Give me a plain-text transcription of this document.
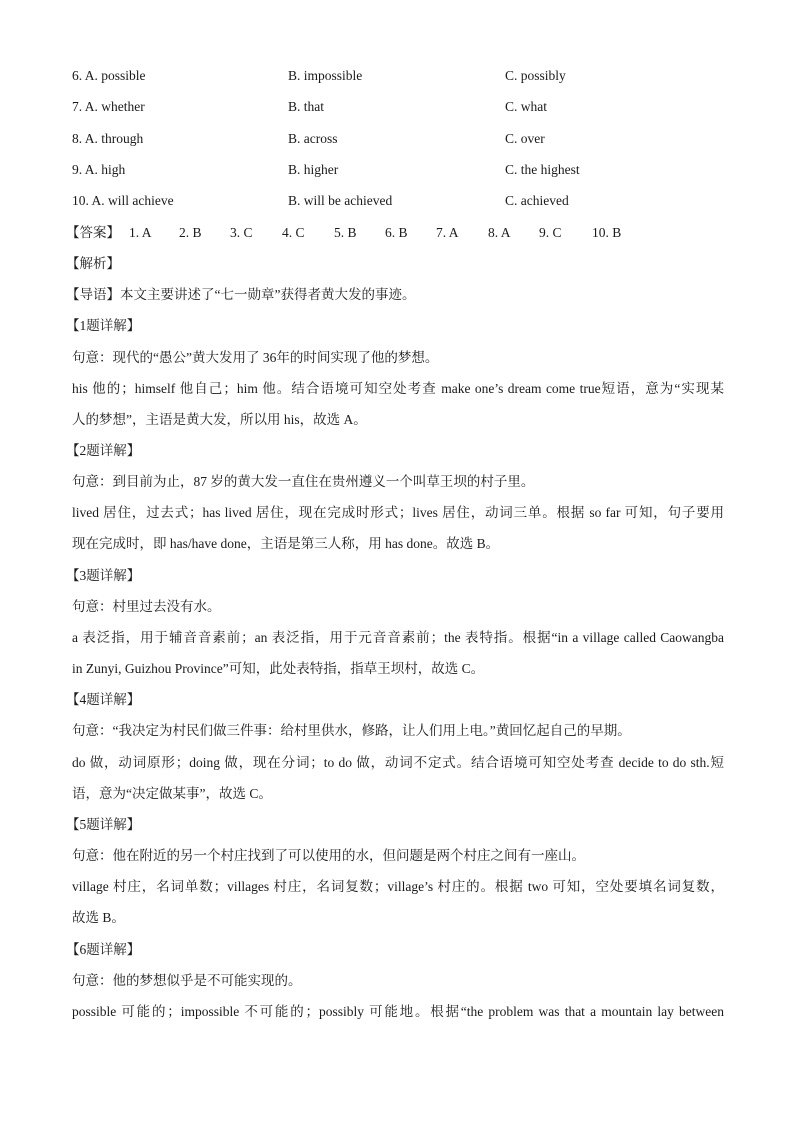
6. A. possible	B. impossible	C. possibly
7. A. whether	B. that	C. what
8. A. through	B. across	C. over
9. A. high	B. higher	C. the highest
10. A. will achieve	B. will be achieved	C. achieved
【答案】 1. A 2. B 3. C 4. C 5. B 6. B 7. A 8. A 9. C 10. B
【解析】
【导语】本文主要讲述了“七一勋章”获得者黄大发的事迹。
【1题详解】
句意：现代的“愚公”黄大发用了 36年的时间实现了他的梦想。
his 他的；himself 他自己；him 他。结合语境可知空处考查 make one’s dream come true短语，意为“实现某
人的梦想”，主语是黄大发，所以用 his，故选 A。
【2题详解】
句意：到目前为止，87 岁的黄大发一直住在贵州遵义一个叫草王坝的村子里。
lived 居住，过去式；has lived 居住，现在完成时形式；lives 居住，动词三单。根据 so far 可知，句子要用
现在完成时，即 has/have done，主语是第三人称，用 has done。故选 B。
【3题详解】
句意：村里过去没有水。
a 表泛指，用于辅音音素前；an 表泛指，用于元音音素前；the 表特指。根据“in a village called Caowangba
in Zunyi, Guizhou Province”可知，此处表特指，指草王坝村，故选 C。
【4题详解】
句意：“我决定为村民们做三件事：给村里供水，修路，让人们用上电。”黄回忆起自己的早期。
do 做，动词原形；doing 做，现在分词；to do 做，动词不定式。结合语境可知空处考查 decide to do sth.短
语，意为“决定做某事”，故选 C。
【5题详解】
句意：他在附近的另一个村庄找到了可以使用的水，但问题是两个村庄之间有一座山。
village 村庄，名词单数；villages 村庄，名词复数；village’s 村庄的。根据 two 可知，空处要填名词复数，
故选 B。
【6题详解】
句意：他的梦想似乎是不可能实现的。
possible 可能的；impossible 不可能的；possibly 可能地。根据“the problem was that a mountain lay between
